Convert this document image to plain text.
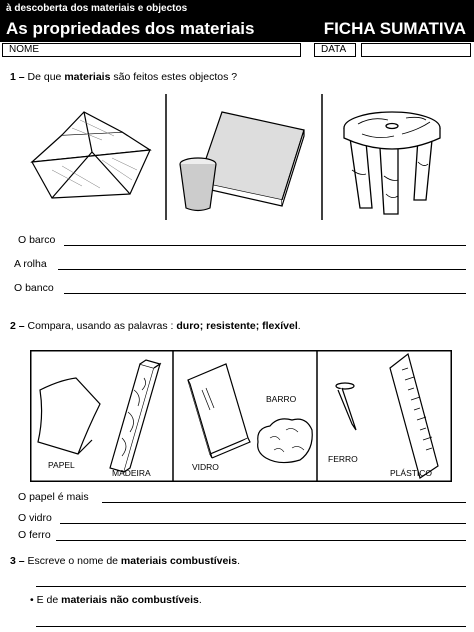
à descoberta dos materiais e objectos
As propriedades dos materiais	FICHA SUMATIVA
NOME	DATA
1 – De que materiais são feitos estes objectos ?
O barco
A rolha
O banco
2 – Compara, usando as palavras : duro; resistente; flexível.
PAPEL
MADEIRA
VIDRO
BARRO
FERRO
PLÁSTICO
O papel é mais
O vidro
O ferro
3 – Escreve o nome de materiais combustíveis.
• E de materiais não combustíveis.
